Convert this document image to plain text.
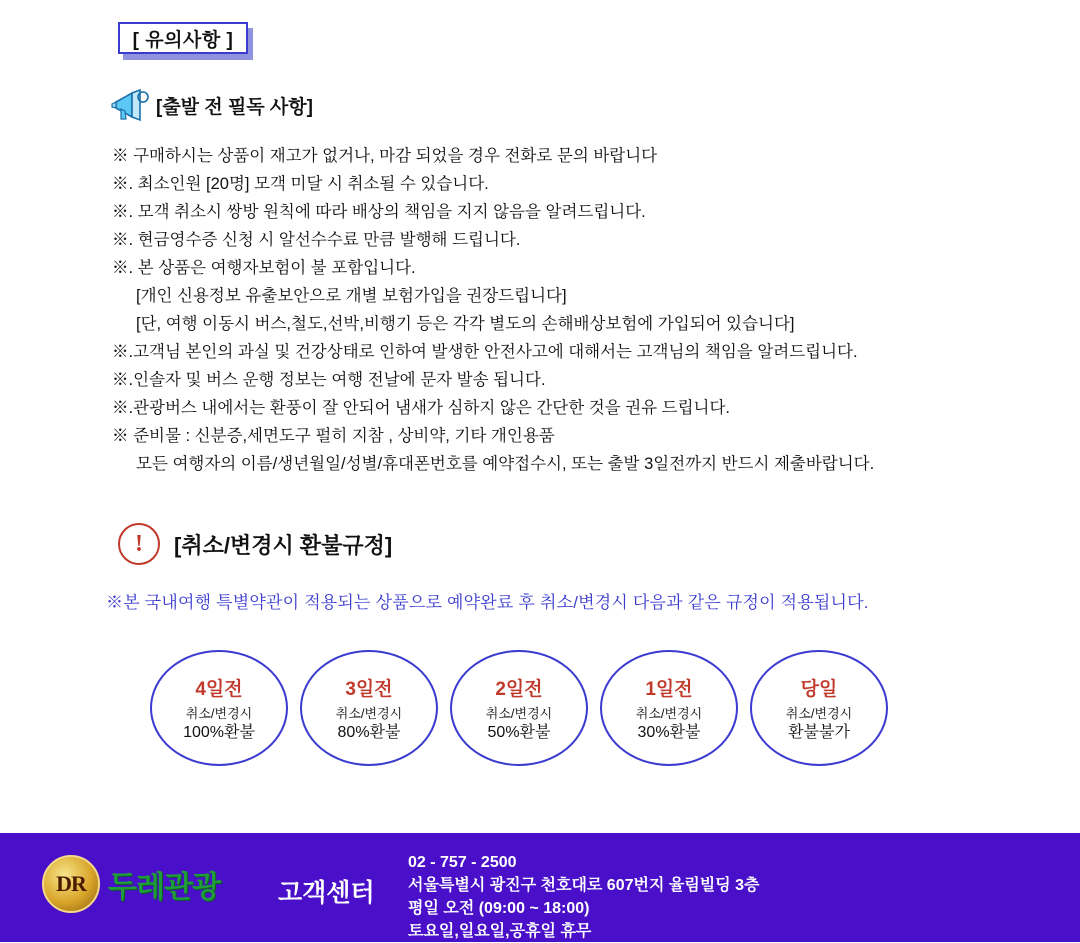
[ 유의사항 ]
[출발 전 필독 사항]
※ 구매하시는 상품이 재고가 없거나, 마감 되었을 경우 전화로 문의 바랍니다
※. 최소인원 [20명] 모객 미달 시 취소될 수 있습니다.
※. 모객 취소시 쌍방 원칙에 따라 배상의 책임을 지지 않음을 알려드립니다.
※. 현금영수증 신청 시 알선수수료 만큼 발행해 드립니다.
※. 본 상품은 여행자보험이 불 포함입니다.
[개인 신용정보 유출보안으로 개별 보험가입을 권장드립니다]
[단, 여행 이동시 버스,철도,선박,비행기 등은 각각 별도의 손해배상보험에 가입되어 있습니다]
※.고객님 본인의 과실 및 건강상태로 인하여 발생한 안전사고에 대해서는 고객님의 책임을 알려드립니다.
※.인솔자 및 버스 운행 정보는 여행 전날에 문자 발송 됩니다.
※.관광버스 내에서는 환풍이 잘 안되어 냄새가 심하지 않은 간단한 것을 권유 드립니다.
※ 준비물 : 신분증,세면도구 펄히 지참 , 상비약, 기타 개인용품
모든 여행자의 이름/생년월일/성별/휴대폰번호를 예약접수시, 또는 출발 3일전까지 반드시 제출바랍니다.
!	[취소/변경시 환불규정]
※본 국내여행 특별약관이 적용되는 상품으로 예약완료 후 취소/변경시 다음과 같은 규정이 적용됩니다.
4일전
취소/변경시
100%환불
3일전
취소/변경시
80%환불
2일전
취소/변경시
50%환불
1일전
취소/변경시
30%환불
당일
취소/변경시
환불불가
DR 두레관광 고객센터
02 - 757 - 2500
서울특별시 광진구 천호대로 607번지 율림빌딩 3층
평일 오전 (09:00 ~ 18:00)
토요일,일요일,공휴일 휴무
